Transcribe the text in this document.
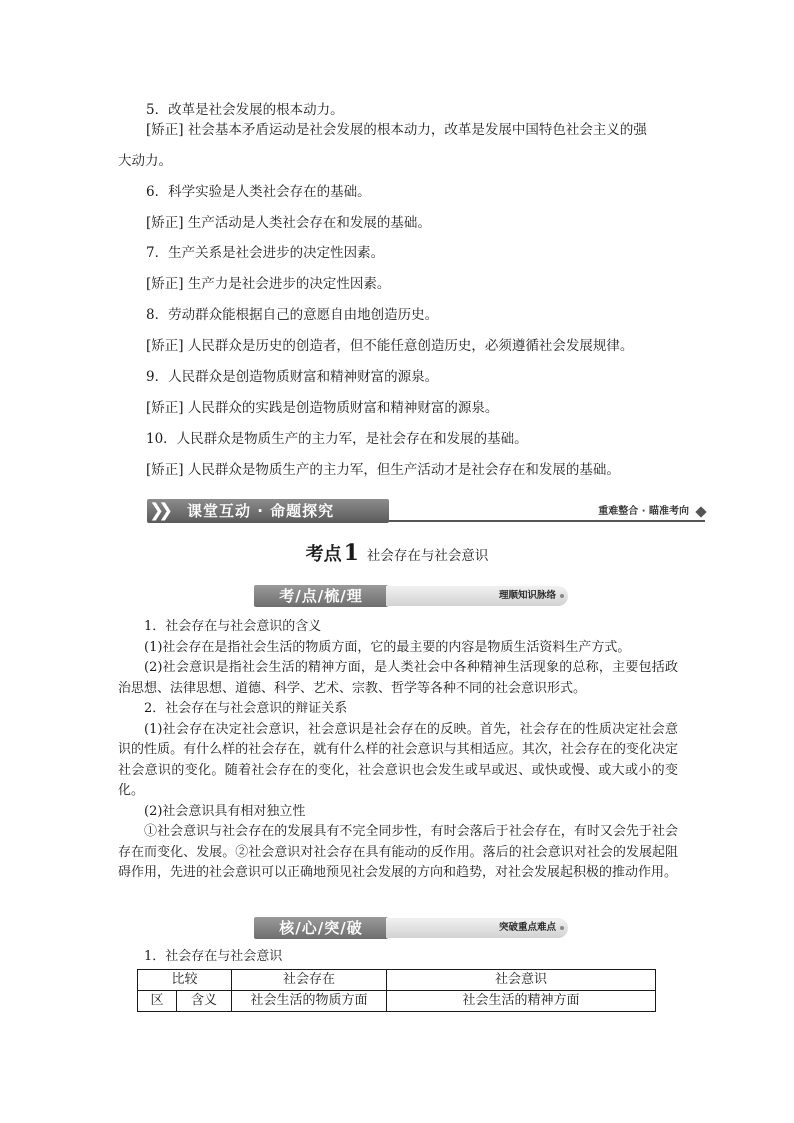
5．改革是社会发展的根本动力。
[矫正] 社会基本矛盾运动是社会发展的根本动力，改革是发展中国特色社会主义的强
大动力。
6．科学实验是人类社会存在的基础。
[矫正] 生产活动是人类社会存在和发展的基础。
7．生产关系是社会进步的决定性因素。
[矫正] 生产力是社会进步的决定性因素。
8．劳动群众能根据自己的意愿自由地创造历史。
[矫正] 人民群众是历史的创造者，但不能任意创造历史，必须遵循社会发展规律。
9．人民群众是创造物质财富和精神财富的源泉。
[矫正] 人民群众的实践是创造物质财富和精神财富的源泉。
10．人民群众是物质生产的主力军，是社会存在和发展的基础。
[矫正] 人民群众是物质生产的主力军，但生产活动才是社会存在和发展的基础。
❯❯ 课堂互动 · 命题探究	重难整合 · 瞄准考向
考点1 社会存在与社会意识
考/点/梳/理	理顺知识脉络

1．社会存在与社会意识的含义

(1)社会存在是指社会生活的物质方面，它的最主要的内容是物质生活资料生产方式。

(2)社会意识是指社会生活的精神方面，是人类社会中各种精神生活现象的总称，主要包括政治思想、法律思想、道德、科学、艺术、宗教、哲学等各种不同的社会意识形式。

2．社会存在与社会意识的辩证关系

(1)社会存在决定社会意识，社会意识是社会存在的反映。首先，社会存在的性质决定社会意识的性质。有什么样的社会存在，就有什么样的社会意识与其相适应。其次，社会存在的变化决定社会意识的变化。随着社会存在的变化，社会意识也会发生或早或迟、或快或慢、或大或小的变化。

(2)社会意识具有相对独立性

①社会意识与社会存在的发展具有不完全同步性，有时会落后于社会存在，有时又会先于社会存在而变化、发展。②社会意识对社会存在具有能动的反作用。落后的社会意识对社会的发展起阻碍作用，先进的社会意识可以正确地预见社会发展的方向和趋势，对社会发展起积极的推动作用。

核/心/突/破	突破重点难点

1．社会存在与社会意识

比较		社会存在	社会意识
区	含义	社会生活的物质方面	社会生活的精神方面
